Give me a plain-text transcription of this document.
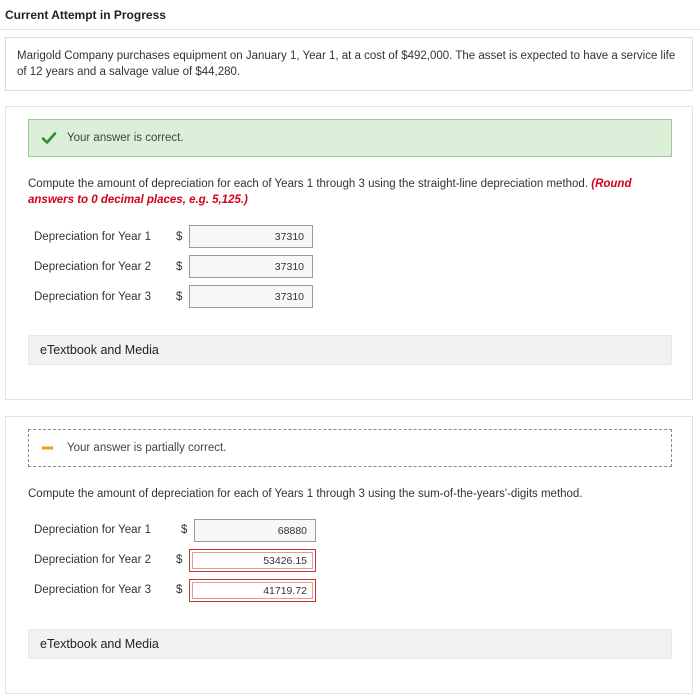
Current Attempt in Progress
Marigold Company purchases equipment on January 1, Year 1, at a cost of $492,000. The asset is expected to have a service life of 12 years and a salvage value of $44,280.
Your answer is correct.
Compute the amount of depreciation for each of Years 1 through 3 using the straight-line depreciation method. (Round answers to 0 decimal places, e.g. 5,125.)
Depreciation for Year 1 $
37310
Depreciation for Year 2 $
37310
Depreciation for Year 3 $
37310
eTextbook and Media
Your answer is partially correct.
Compute the amount of depreciation for each of Years 1 through 3 using the sum-of-the-years'-digits method.
Depreciation for Year 1	$
68880
Depreciation for Year 2 $
53426.15
Depreciation for Year 3 $
41719.72
eTextbook and Media
